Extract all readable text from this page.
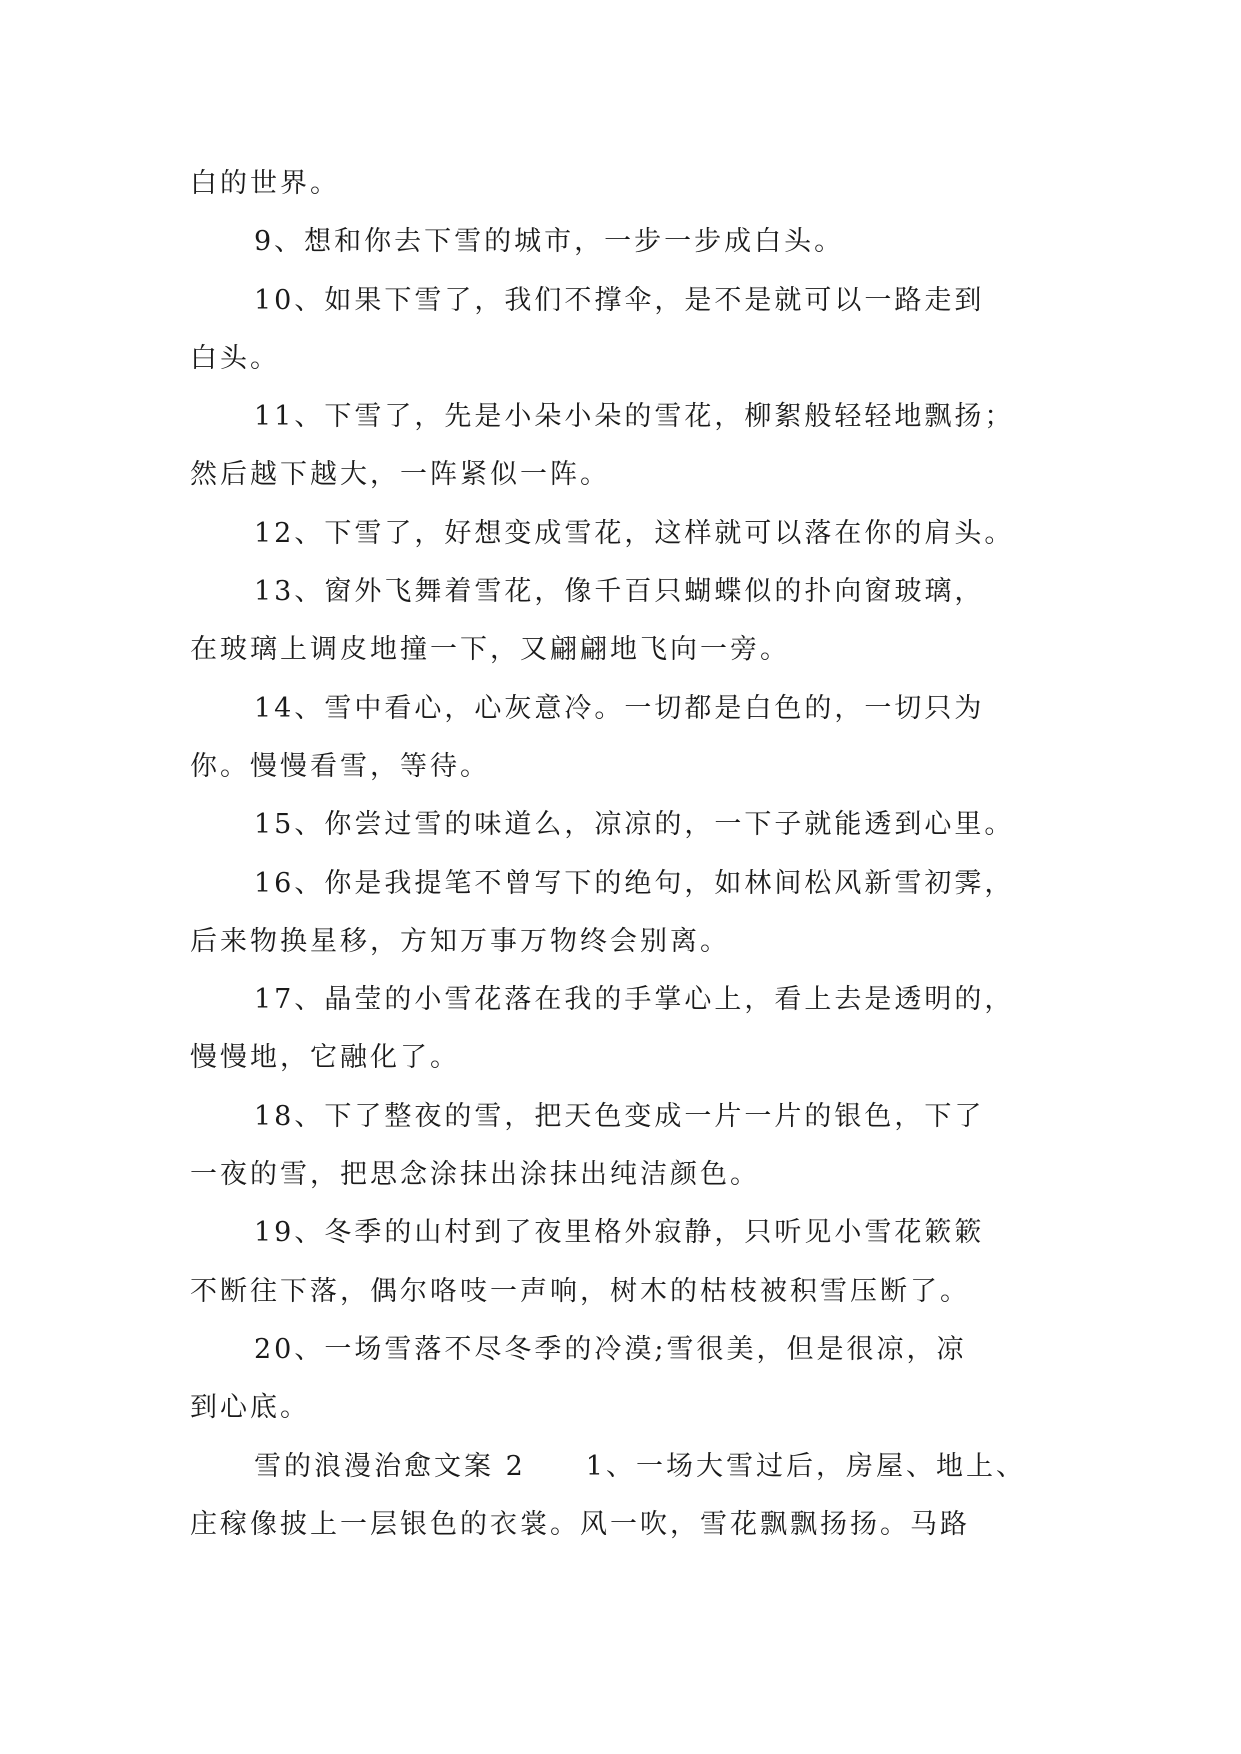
白的世界。
9、想和你去下雪的城市，一步一步成白头。
10、如果下雪了，我们不撑伞，是不是就可以一路走到
白头。
11、下雪了，先是小朵小朵的雪花，柳絮般轻轻地飘扬；
然后越下越大，一阵紧似一阵。
12、下雪了，好想变成雪花，这样就可以落在你的肩头。
13、窗外飞舞着雪花，像千百只蝴蝶似的扑向窗玻璃，
在玻璃上调皮地撞一下，又翩翩地飞向一旁。
14、雪中看心，心灰意冷。一切都是白色的，一切只为
你。慢慢看雪，等待。
15、你尝过雪的味道么，凉凉的，一下子就能透到心里。
16、你是我提笔不曾写下的绝句，如林间松风新雪初霁，
后来物换星移，方知万事万物终会别离。
17、晶莹的小雪花落在我的手掌心上，看上去是透明的，
慢慢地，它融化了。
18、下了整夜的雪，把天色变成一片一片的银色，下了
一夜的雪，把思念涂抹出涂抹出纯洁颜色。
19、冬季的山村到了夜里格外寂静，只听见小雪花簌簌
不断往下落，偶尔咯吱一声响，树木的枯枝被积雪压断了。
20、一场雪落不尽冬季的冷漠;雪很美，但是很凉，凉
到心底。
雪的浪漫治愈文案 2 1、一场大雪过后，房屋、地上、
庄稼像披上一层银色的衣裳。风一吹，雪花飘飘扬扬。马路
